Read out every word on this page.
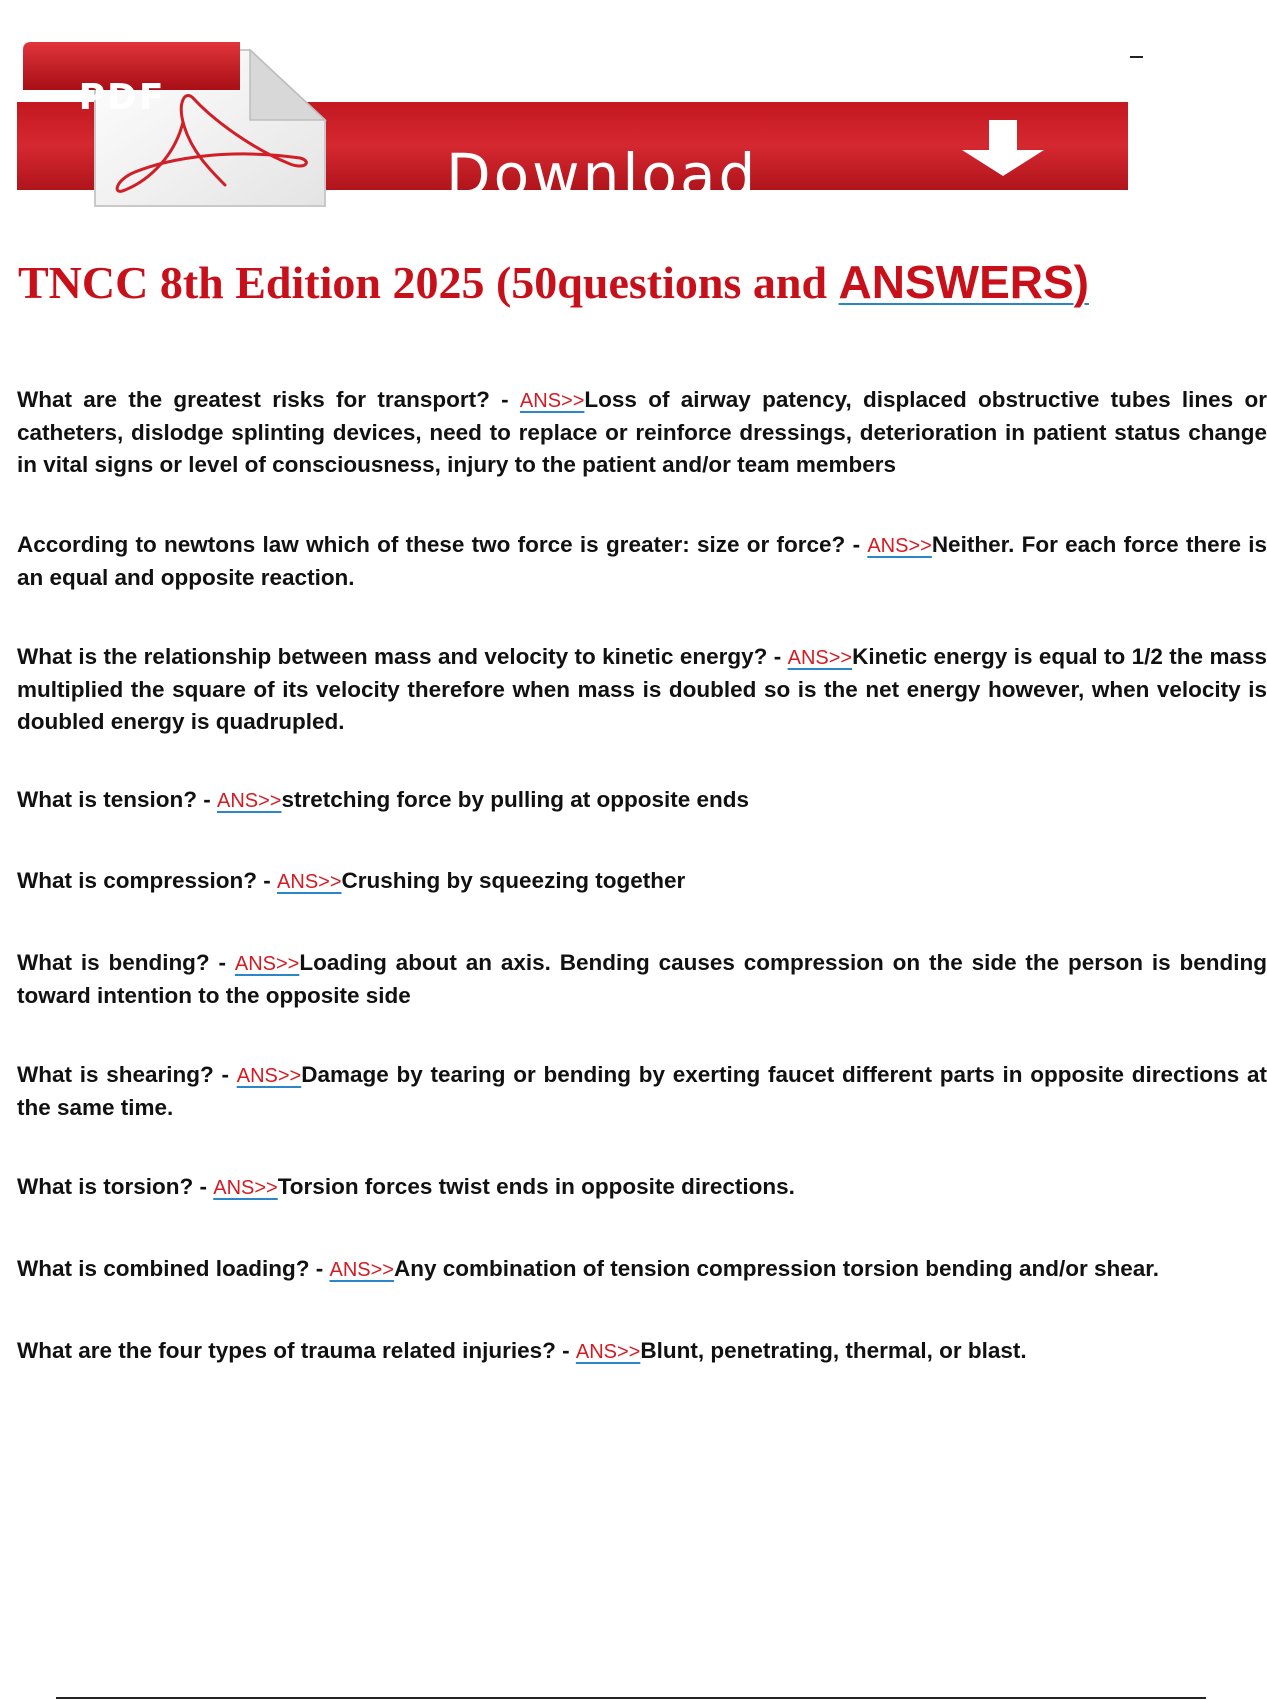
PDF
Download
TNCC 8th Edition 2025 (50questions and ANSWERS)

What are the greatest risks for transport? - ANS>>Loss of airway patency, displaced obstructive tubes lines or catheters, dislodge splinting devices, need to replace or reinforce dressings, deterioration in patient status change in vital signs or level of consciousness, injury to the patient and/or team members

According to newtons law which of these two force is greater: size or force? - ANS>>Neither. For each force there is an equal and opposite reaction.

What is the relationship between mass and velocity to kinetic energy? - ANS>>Kinetic energy is equal to 1/2 the mass multiplied the square of its velocity therefore when mass is doubled so is the net energy however, when velocity is doubled energy is quadrupled.

What is tension? - ANS>>stretching force by pulling at opposite ends

What is compression? - ANS>>Crushing by squeezing together

What is bending? - ANS>>Loading about an axis. Bending causes compression on the side the person is bending toward intention to the opposite side

What is shearing? - ANS>>Damage by tearing or bending by exerting faucet different parts in opposite directions at the same time.

What is torsion? - ANS>>Torsion forces twist ends in opposite directions.

What is combined loading? - ANS>>Any combination of tension compression torsion bending and/or shear.

What are the four types of trauma related injuries? - ANS>>Blunt, penetrating, thermal, or blast.
